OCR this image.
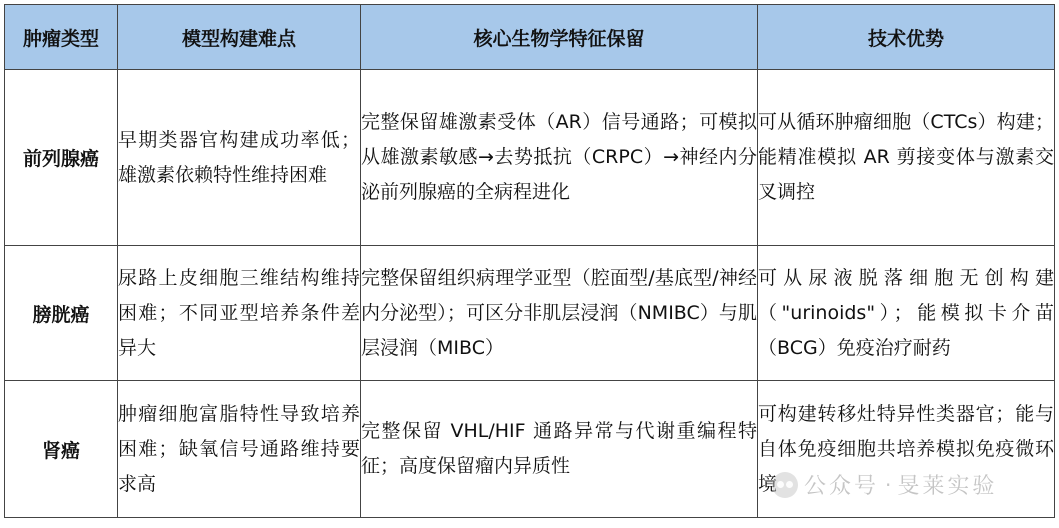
肿瘤类型	模型构建难点	核心生物学特征保留	技术优势
前列腺癌	早期类器官构建成功率低；雄激素依赖特性维持困难	完整保留雄激素受体（AR）信号通路；可模拟从雄激素敏感→去势抵抗（CRPC）→神经内分泌前列腺癌的全病程进化	可从循环肿瘤细胞（CTCs）构建；能精准模拟 AR 剪接变体与激素交叉调控
膀胱癌	尿路上皮细胞三维结构维持困难；不同亚型培养条件差异大	完整保留组织病理学亚型（腔面型/基底型/神经内分泌型）；可区分非肌层浸润（NMIBC）与肌层浸润（MIBC）	可从尿液脱落细胞无创构建（"urinoids"）；能模拟卡介苗（BCG）免疫治疗耐药
肾癌	肿瘤细胞富脂特性导致培养困难；缺氧信号通路维持要求高	完整保留 VHL/HIF 通路异常与代谢重编程特征；高度保留瘤内异质性	可构建转移灶特异性类器官；能与自体免疫细胞共培养模拟免疫微环境 公众号 · 旻莱实验
